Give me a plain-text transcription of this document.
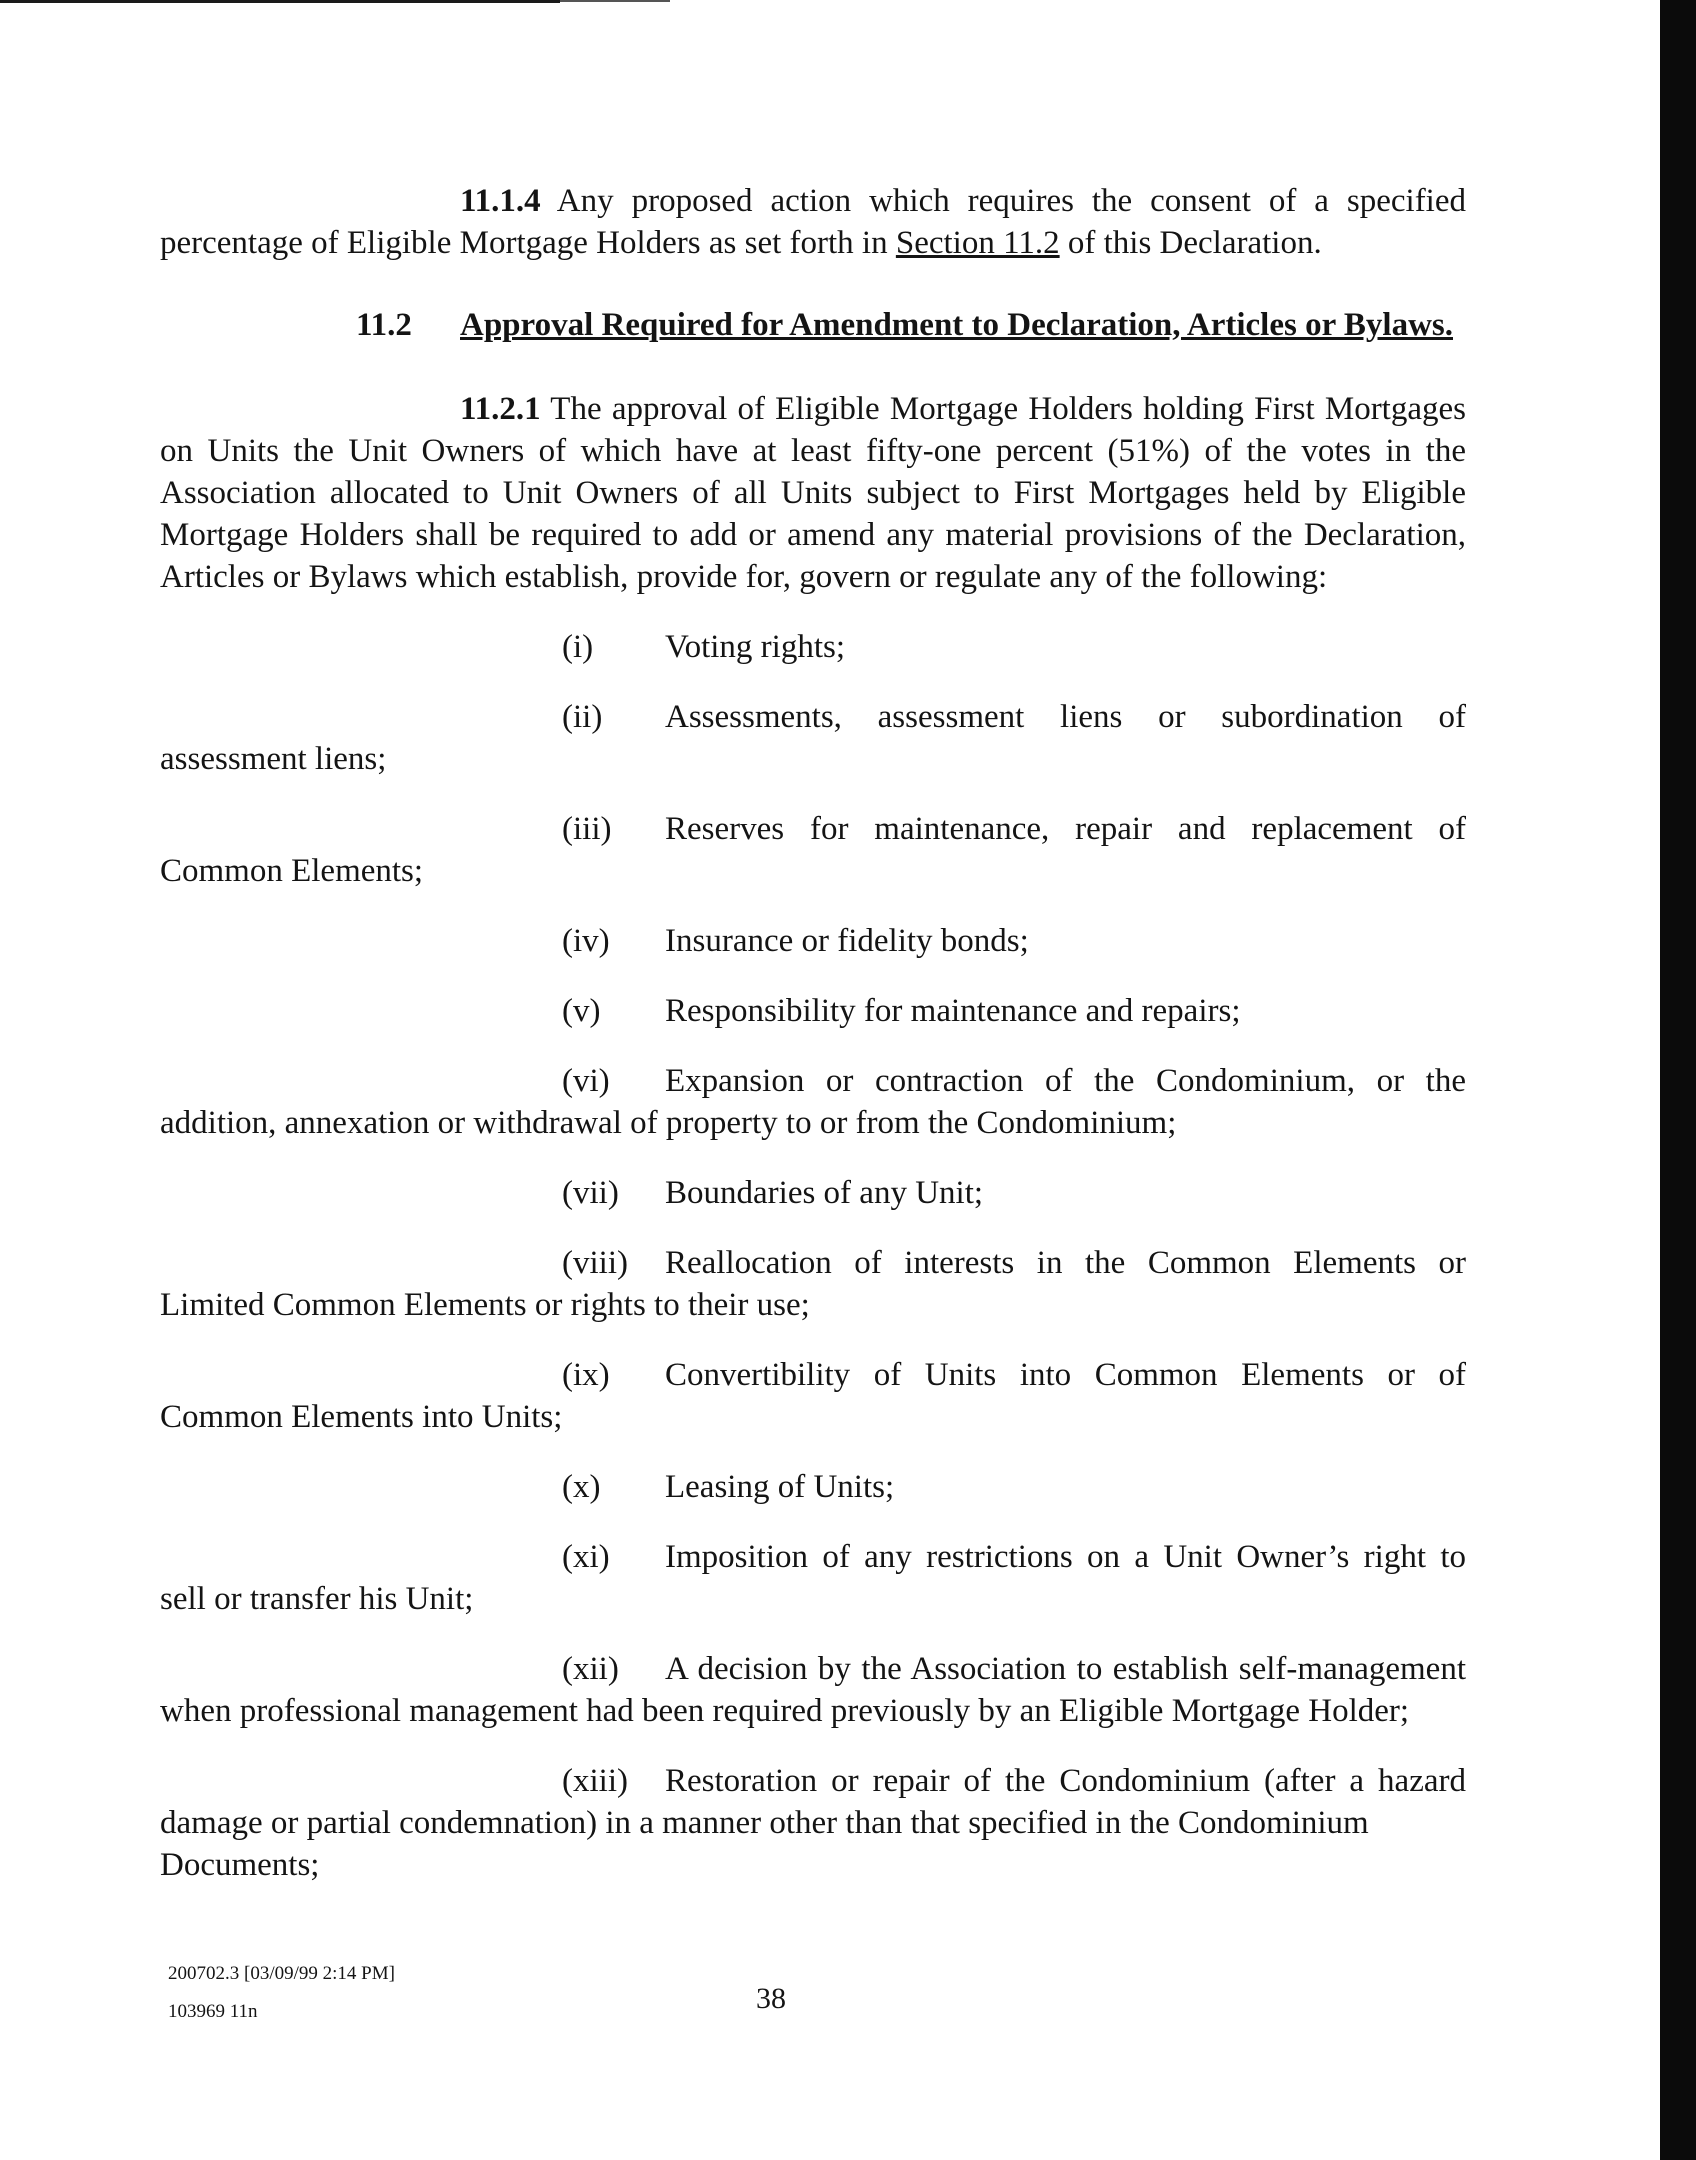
11.1.4 Any proposed action which requires the consent of a specified percentage of Eligible Mortgage Holders as set forth in Section 11.2 of this Declaration.

11.2 Approval Required for Amendment to Declaration, Articles or Bylaws.

11.2.1 The approval of Eligible Mortgage Holders holding First Mortgages on Units the Unit Owners of which have at least fifty-one percent (51%) of the votes in the Association allocated to Unit Owners of all Units subject to First Mortgages held by Eligible Mortgage Holders shall be required to add or amend any material provisions of the Declaration, Articles or Bylaws which establish, provide for, govern or regulate any of the following:

(i) Voting rights;
(ii) Assessments, assessment liens or subordination of

assessment liens;

(iii) Reserves for maintenance, repair and replacement of

Common Elements;

(iv) Insurance or fidelity bonds;
(v) Responsibility for maintenance and repairs;
(vi) Expansion or contraction of the Condominium, or the

addition, annexation or withdrawal of property to or from the Condominium;

(vii) Boundaries of any Unit;
(viii) Reallocation of interests in the Common Elements or

Limited Common Elements or rights to their use;

(ix) Convertibility of Units into Common Elements or of

Common Elements into Units;

(x) Leasing of Units;
(xi) Imposition of any restrictions on a Unit Owner’s right to

sell or transfer his Unit;

(xii) A decision by the Association to establish self-management

when professional management had been required previously by an Eligible Mortgage Holder;

(xiii) Restoration or repair of the Condominium (after a hazard

damage or partial condemnation) in a manner other than that specified in the Condominium Documents;

200702.3 [03/09/99 2:14 PM]
103969 11n	38
